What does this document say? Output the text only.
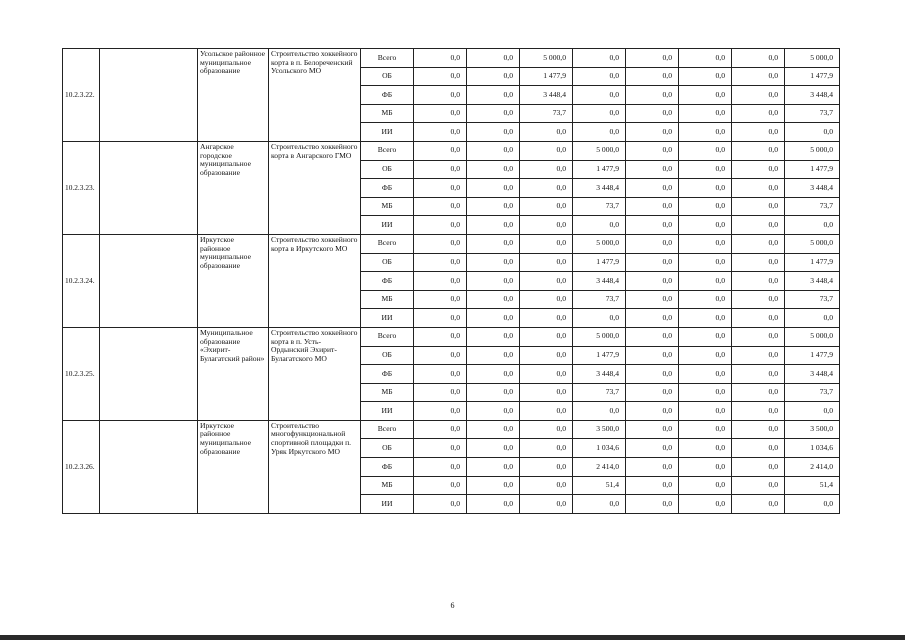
10.2.3.22.		Усольское районное муниципальное образование	Строительство хоккейного корта в п. Белореченский Усольского МО	Всего	0,0	0,0	5 000,0	0,0	0,0	0,0	0,0	5 000,0
				ОБ	0,0	0,0	1 477,9	0,0	0,0	0,0	0,0	1 477,9
				ФБ	0,0	0,0	3 448,4	0,0	0,0	0,0	0,0	3 448,4
				МБ	0,0	0,0	73,7	0,0	0,0	0,0	0,0	73,7
				ИИ	0,0	0,0	0,0	0,0	0,0	0,0	0,0	0,0
10.2.3.23.		Ангарское городское муниципальное образование	Строительство хоккейного корта в Ангарского ГМО	Всего	0,0	0,0	0,0	5 000,0	0,0	0,0	0,0	5 000,0
				ОБ	0,0	0,0	0,0	1 477,9	0,0	0,0	0,0	1 477,9
				ФБ	0,0	0,0	0,0	3 448,4	0,0	0,0	0,0	3 448,4
				МБ	0,0	0,0	0,0	73,7	0,0	0,0	0,0	73,7
				ИИ	0,0	0,0	0,0	0,0	0,0	0,0	0,0	0,0
10.2.3.24.		Иркутское районное муниципальное образование	Строительство хоккейного корта в Иркутского МО	Всего	0,0	0,0	0,0	5 000,0	0,0	0,0	0,0	5 000,0
				ОБ	0,0	0,0	0,0	1 477,9	0,0	0,0	0,0	1 477,9
				ФБ	0,0	0,0	0,0	3 448,4	0,0	0,0	0,0	3 448,4
				МБ	0,0	0,0	0,0	73,7	0,0	0,0	0,0	73,7
				ИИ	0,0	0,0	0,0	0,0	0,0	0,0	0,0	0,0
10.2.3.25.		Муниципальное образование «Эхирит-Булагатский район»	Строительство хоккейного корта в п. Усть-Ордынский Эхирит-Булагатского МО	Всего	0,0	0,0	0,0	5 000,0	0,0	0,0	0,0	5 000,0
				ОБ	0,0	0,0	0,0	1 477,9	0,0	0,0	0,0	1 477,9
				ФБ	0,0	0,0	0,0	3 448,4	0,0	0,0	0,0	3 448,4
				МБ	0,0	0,0	0,0	73,7	0,0	0,0	0,0	73,7
				ИИ	0,0	0,0	0,0	0,0	0,0	0,0	0,0	0,0
10.2.3.26.		Иркутское районное муниципальное образование	Строительство многофункциональной спортивной площадки п. Уряк Иркутского МО	Всего	0,0	0,0	0,0	3 500,0	0,0	0,0	0,0	3 500,0
				ОБ	0,0	0,0	0,0	1 034,6	0,0	0,0	0,0	1 034,6
				ФБ	0,0	0,0	0,0	2 414,0	0,0	0,0	0,0	2 414,0
				МБ	0,0	0,0	0,0	51,4	0,0	0,0	0,0	51,4
				ИИ	0,0	0,0	0,0	0,0	0,0	0,0	0,0	0,0
6
